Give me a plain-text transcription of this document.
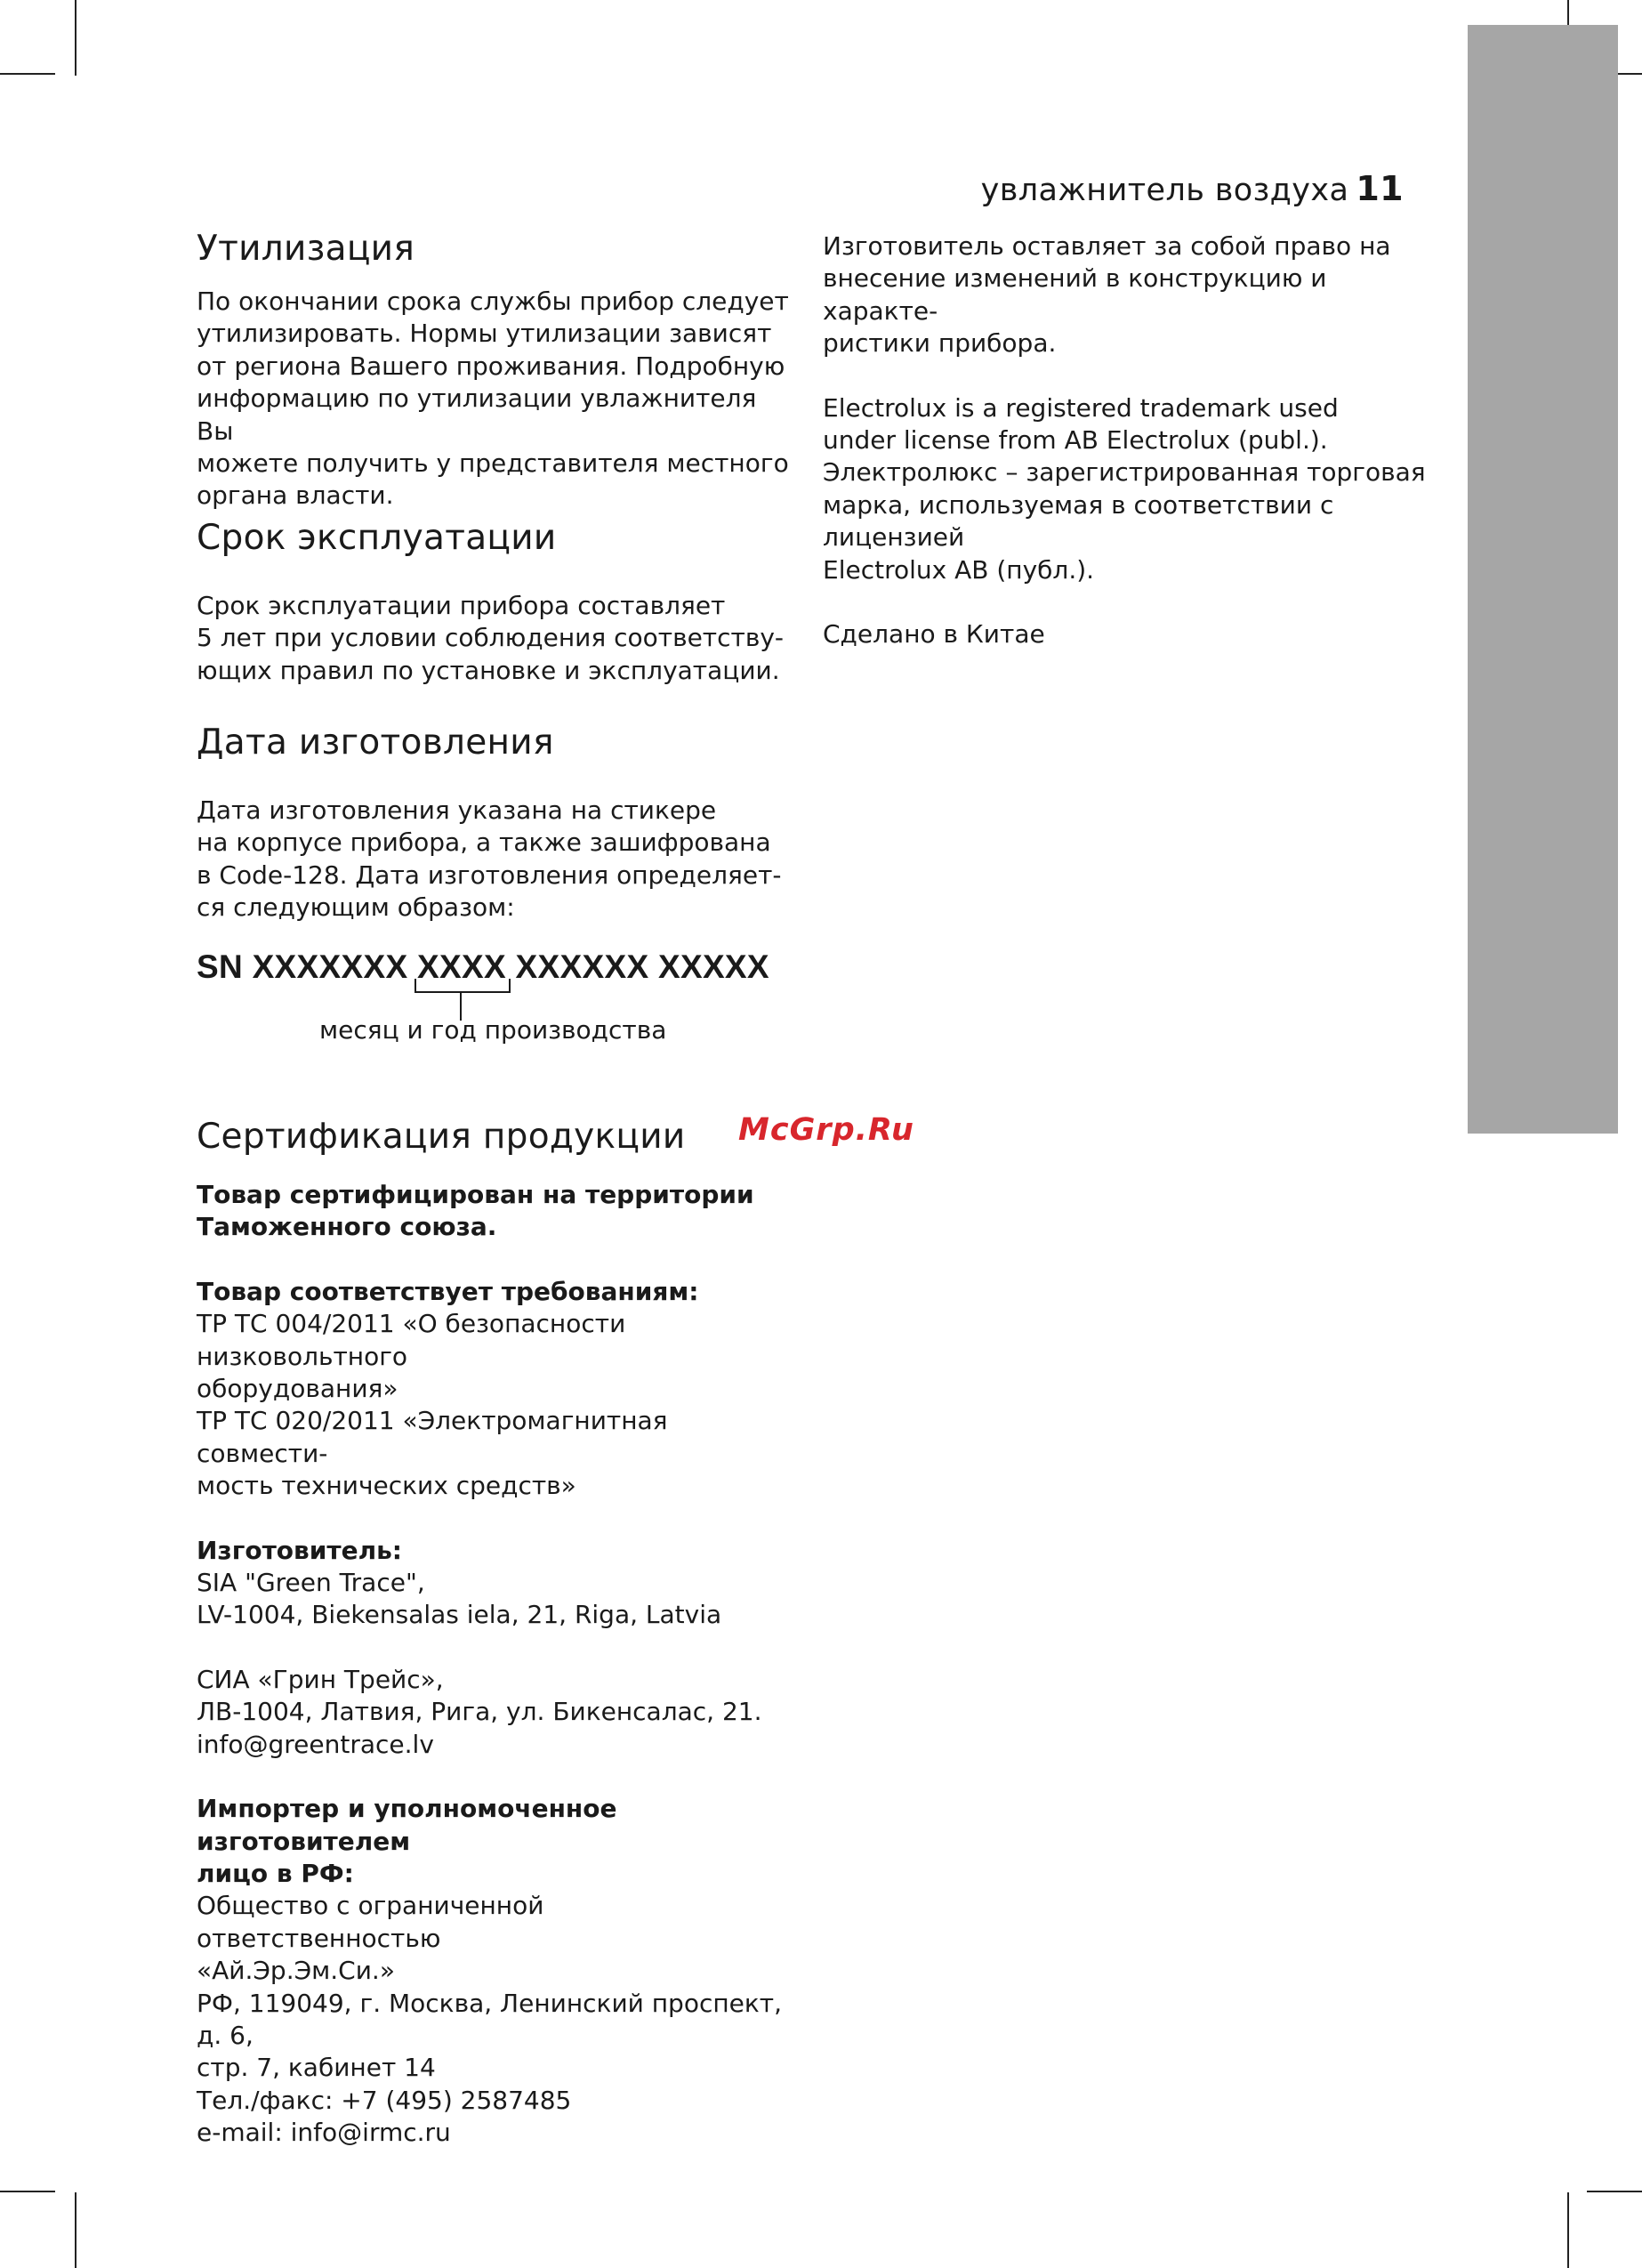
увлажнитель воздуха 11
Утилизация
По окончании срока службы прибор следует
утилизировать. Нормы утилизации зависят
от региона Вашего проживания. Подробную
информацию по утилизации увлажнителя Вы
можете получить у представителя местного
органа власти.
Срок эксплуатации
Срок эксплуатации прибора составляет
5 лет при условии соблюдения соответству-
ющих правил по установке и эксплуатации.
Дата изготовления
Дата изготовления указана на стикере
на корпусе прибора, а также зашифрована
в Code-128. Дата изготовления определяет-
ся следующим образом:
SN XXXXXXX XXXX XXXXXX XXXXX
месяц и год производства
Сертификация продукции
Товар сертифицирован на территории
Таможенного союза.
Товар соответствует требованиям:
ТР ТС 004/2011 «О безопасности низковольтного
оборудования»
ТР ТС 020/2011 «Электромагнитная совмести-
мость технических средств»
Изготовитель:
SIA "Green Trace",
LV-1004, Biekensalas iela, 21, Riga, Latvia
СИА «Грин Трейс»,
ЛВ-1004, Латвия, Рига, ул. Бикенсалас, 21.
info@greentrace.lv
Импортер и уполномоченное изготовителем
лицо в РФ:
Общество с ограниченной ответственностью
«Ай.Эр.Эм.Си.»
РФ, 119049, г. Москва, Ленинский проспект, д. 6,
стр. 7, кабинет 14
Тел./факс: +7 (495) 2587485
e-mail: info@irmc.ru
Изготовитель оставляет за собой право на
внесение изменений в конструкцию и характе-
ристики прибора.
Electrolux is a registered trademark used
under license from AB Electrolux (publ.).
Электролюкс – зарегистрированная торговая
марка, используемая в соответствии с лицензией
Electrolux AB (публ.).
Сделано в Китае
McGrp.Ru
